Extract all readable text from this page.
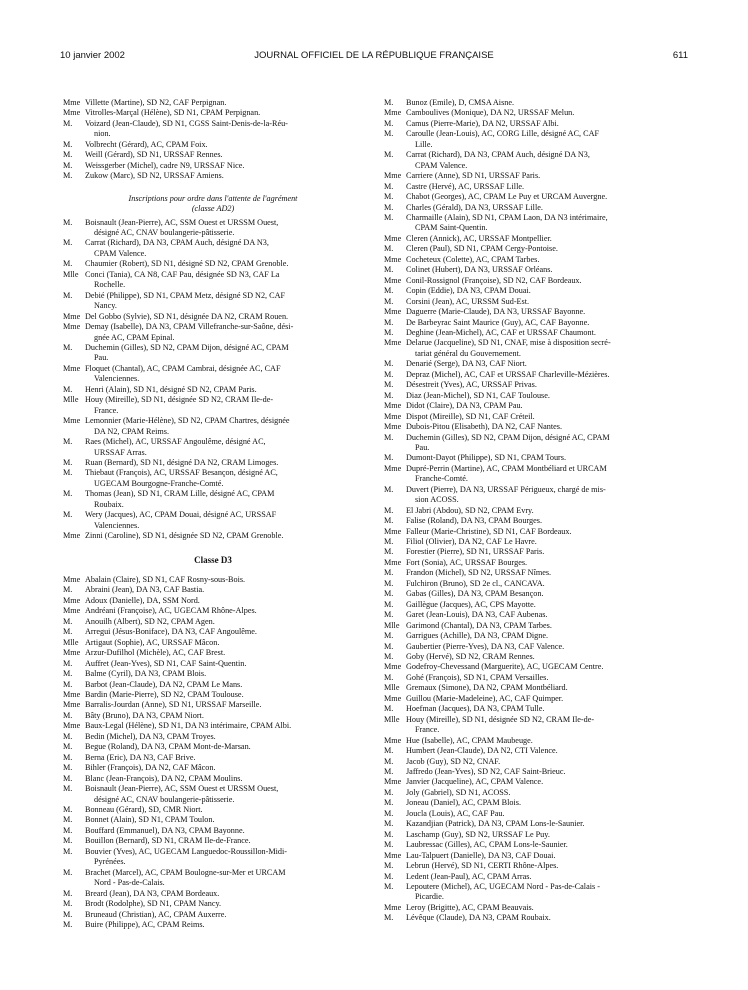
10 janvier 2002	JOURNAL OFFICIEL DE LA RÉPUBLIQUE FRANÇAISE	611
Mme Villette (Martine), SD N2, CAF Perpignan.
Mme Vitrolles-Marçal (Hélène), SD N1, CPAM Perpignan.
M.	Voizard (Jean-Claude), SD N1, CGSS Saint-Denis-de-la-Réu-
nion.
M.	Volbrecht (Gérard), AC, CPAM Foix.
M.	Weill (Gérard), SD N1, URSSAF Rennes.
M.	Weissgerber (Michel), cadre N9, URSSAF Nice.
M.	Zukow (Marc), SD N2, URSSAF Amiens.
Inscriptions pour ordre dans l'attente de l'agrément
(classe AD2)
M.	Boisnault (Jean-Pierre), AC, SSM Ouest et URSSM Ouest,
désigné AC, CNAV boulangerie-pâtisserie.
M.	Carrat (Richard), DA N3, CPAM Auch, désigné DA N3,
CPAM Valence.
M.	Chaumier (Robert), SD N1, désigné SD N2, CPAM Grenoble.
Mlle Conci (Tania), CA N8, CAF Pau, désignée SD N3, CAF La
Rochelle.
M.	Debié (Philippe), SD N1, CPAM Metz, désigné SD N2, CAF
Nancy.
Mme Del Gobbo (Sylvie), SD N1, désignée DA N2, CRAM Rouen.
Mme Demay (Isabelle), DA N3, CPAM Villefranche-sur-Saône, dési-
gnée AC, CPAM Epinal.
M.	Duchemin (Gilles), SD N2, CPAM Dijon, désigné AC, CPAM
Pau.
Mme Floquet (Chantal), AC, CPAM Cambrai, désignée AC, CAF
Valenciennes.
M.	Henri (Alain), SD N1, désigné SD N2, CPAM Paris.
Mlle Houy (Mireille), SD N1, désignée SD N2, CRAM Ile-de-
France.
Mme Lemonnier (Marie-Hélène), SD N2, CPAM Chartres, désignée
DA N2, CPAM Reims.
M.	Raes (Michel), AC, URSSAF Angoulême, désigné AC,
URSSAF Arras.
M.	Ruan (Bernard), SD N1, désigné DA N2, CRAM Limoges.
M.	Thiebaut (François), AC, URSSAF Besançon, désigné AC,
UGECAM Bourgogne-Franche-Comté.
M.	Thomas (Jean), SD N1, CRAM Lille, désigné AC, CPAM
Roubaix.
M.	Wery (Jacques), AC, CPAM Douai, désigné AC, URSSAF
Valenciennes.
Mme Zinni (Caroline), SD N1, désignée SD N2, CPAM Grenoble.
Classe D3
Mme Abalain (Claire), SD N1, CAF Rosny-sous-Bois.
M.	Abraini (Jean), DA N3, CAF Bastia.
Mme Adoux (Danielle), DA, SSM Nord.
Mme Andréani (Françoise), AC, UGECAM Rhône-Alpes.
M.	Anouilh (Albert), SD N2, CPAM Agen.
M.	Arregui (Jésus-Boniface), DA N3, CAF Angoulême.
Mlle Artigaut (Sophie), AC, URSSAF Mâcon.
Mme Arzur-Dufilhol (Michèle), AC, CAF Brest.
M.	Auffret (Jean-Yves), SD N1, CAF Saint-Quentin.
M.	Balme (Cyril), DA N3, CPAM Blois.
M.	Barbot (Jean-Claude), DA N2, CPAM Le Mans.
Mme Bardin (Marie-Pierre), SD N2, CPAM Toulouse.
Mme Barralis-Jourdan (Anne), SD N1, URSSAF Marseille.
M.	Bâty (Bruno), DA N3, CPAM Niort.
Mme Baux-Legal (Hélène), SD N1, DA N3 intérimaire, CPAM Albi.
M.	Bedin (Michel), DA N3, CPAM Troyes.
M.	Begue (Roland), DA N3, CPAM Mont-de-Marsan.
M.	Berna (Eric), DA N3, CAF Brive.
M.	Bihler (François), DA N2, CAF Mâcon.
M.	Blanc (Jean-François), DA N2, CPAM Moulins.
M.	Boisnault (Jean-Pierre), AC, SSM Ouest et URSSM Ouest,
désigné AC, CNAV boulangerie-pâtisserie.
M.	Bonneau (Gérard), SD, CMR Niort.
M.	Bonnet (Alain), SD N1, CPAM Toulon.
M.	Bouffard (Emmanuel), DA N3, CPAM Bayonne.
M.	Bouillon (Bernard), SD N1, CRAM Ile-de-France.
M.	Bouvier (Yves), AC, UGECAM Languedoc-Roussillon-Midi-
Pyrénées.
M.	Brachet (Marcel), AC, CPAM Boulogne-sur-Mer et URCAM
Nord - Pas-de-Calais.
M.	Breard (Jean), DA N3, CPAM Bordeaux.
M.	Brodt (Rodolphe), SD N1, CPAM Nancy.
M.	Bruneaud (Christian), AC, CPAM Auxerre.
M.	Buire (Philippe), AC, CPAM Reims.
M.	Bunoz (Emile), D, CMSA Aisne.
Mme Camboulives (Monique), DA N2, URSSAF Melun.
M.	Camus (Pierre-Marie), DA N2, URSSAF Albi.
M.	Caroulle (Jean-Louis), AC, CORG Lille, désigné AC, CAF
Lille.
M.	Carrat (Richard), DA N3, CPAM Auch, désigné DA N3,
CPAM Valence.
Mme Carriere (Anne), SD N1, URSSAF Paris.
M.	Castre (Hervé), AC, URSSAF Lille.
M.	Chabot (Georges), AC, CPAM Le Puy et URCAM Auvergne.
M.	Charles (Gérald), DA N3, URSSAF Lille.
M.	Charmaille (Alain), SD N1, CPAM Laon, DA N3 intérimaire,
CPAM Saint-Quentin.
Mme Cleren (Annick), AC, URSSAF Montpellier.
M.	Cleren (Paul), SD N1, CPAM Cergy-Pontoise.
Mme Cocheteux (Colette), AC, CPAM Tarbes.
M.	Colinet (Hubert), DA N3, URSSAF Orléans.
Mme Conil-Rossignol (Françoise), SD N2, CAF Bordeaux.
M.	Copin (Eddie), DA N3, CPAM Douai.
M.	Corsini (Jean), AC, URSSM Sud-Est.
Mme Daguerre (Marie-Claude), DA N3, URSSAF Bayonne.
M.	De Barbeyrac Saint Maurice (Guy), AC, CAF Bayonne.
M.	Deghine (Jean-Michel), AC, CAF et URSSAF Chaumont.
Mme Delarue (Jacqueline), SD N1, CNAF, mise à disposition secré-
tariat général du Gouvernement.
M.	Denarié (Serge), DA N3, CAF Niort.
M.	Depraz (Michel), AC, CAF et URSSAF Charleville-Mézières.
M.	Désestreit (Yves), AC, URSSAF Privas.
M.	Diaz (Jean-Michel), SD N1, CAF Toulouse.
Mme Didot (Claire), DA N3, CPAM Pau.
Mme Dispot (Mireille), SD N1, CAF Créteil.
Mme Dubois-Pitou (Elisabeth), DA N2, CAF Nantes.
M.	Duchemin (Gilles), SD N2, CPAM Dijon, désigné AC, CPAM
Pau.
M.	Dumont-Dayot (Philippe), SD N1, CPAM Tours.
Mme Dupré-Perrin (Martine), AC, CPAM Montbéliard et URCAM
Franche-Comté.
M.	Duvert (Pierre), DA N3, URSSAF Périgueux, chargé de mis-
sion ACOSS.
M.	El Jabri (Abdou), SD N2, CPAM Evry.
M.	Falise (Roland), DA N3, CPAM Bourges.
Mme Falleur (Marie-Christine), SD N1, CAF Bordeaux.
M.	Filiol (Olivier), DA N2, CAF Le Havre.
M.	Forestier (Pierre), SD N1, URSSAF Paris.
Mme Fort (Sonia), AC, URSSAF Bourges.
M.	Frandon (Michel), SD N2, URSSAF Nîmes.
M.	Fulchiron (Bruno), SD 2e cl., CANCAVA.
M.	Gabas (Gilles), DA N3, CPAM Besançon.
M.	Gaillègue (Jacques), AC, CPS Mayotte.
M.	Garet (Jean-Louis), DA N3, CAF Aubenas.
Mlle Garimond (Chantal), DA N3, CPAM Tarbes.
M.	Garrigues (Achille), DA N3, CPAM Digne.
M.	Gaubertier (Pierre-Yves), DA N3, CAF Valence.
M.	Goby (Hervé), SD N2, CRAM Rennes.
Mme Godefroy-Chevessand (Marguerite), AC, UGECAM Centre.
M.	Gohé (François), SD N1, CPAM Versailles.
Mlle Gremaux (Simone), DA N2, CPAM Montbéliard.
Mme Guillou (Marie-Madeleine), AC, CAF Quimper.
M.	Hoefman (Jacques), DA N3, CPAM Tulle.
Mlle Houy (Mireille), SD N1, désignée SD N2, CRAM Ile-de-
France.
Mme Hue (Isabelle), AC, CPAM Maubeuge.
M.	Humbert (Jean-Claude), DA N2, CTI Valence.
M.	Jacob (Guy), SD N2, CNAF.
M.	Jaffredo (Jean-Yves), SD N2, CAF Saint-Brieuc.
Mme Janvier (Jacqueline), AC, CPAM Valence.
M.	Joly (Gabriel), SD N1, ACOSS.
M.	Joneau (Daniel), AC, CPAM Blois.
M.	Joucla (Louis), AC, CAF Pau.
M.	Kazandjian (Patrick), DA N3, CPAM Lons-le-Saunier.
M.	Laschamp (Guy), SD N2, URSSAF Le Puy.
M.	Laubressac (Gilles), AC, CPAM Lons-le-Saunier.
Mme Lau-Talpuert (Danielle), DA N3, CAF Douai.
M.	Lebrun (Hervé), SD N1, CERTI Rhône-Alpes.
M.	Ledent (Jean-Paul), AC, CPAM Arras.
M.	Lepoutere (Michel), AC, UGECAM Nord - Pas-de-Calais -
Picardie.
Mme Leroy (Brigitte), AC, CPAM Beauvais.
M.	Lévêque (Claude), DA N3, CPAM Roubaix.
